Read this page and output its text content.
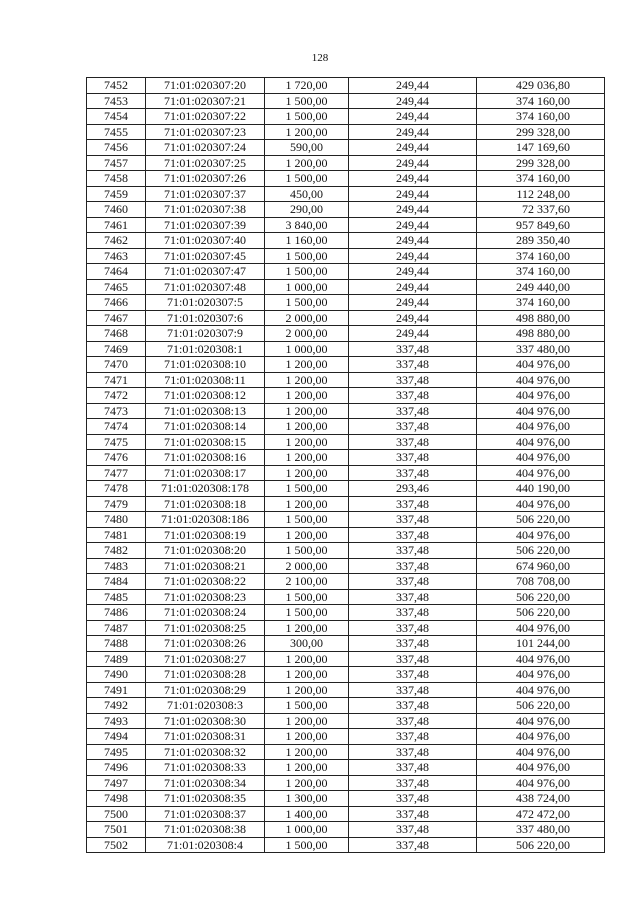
128
7452	71:01:020307:20	1 720,00	249,44	429 036,80
7453	71:01:020307:21	1 500,00	249,44	374 160,00
7454	71:01:020307:22	1 500,00	249,44	374 160,00
7455	71:01:020307:23	1 200,00	249,44	299 328,00
7456	71:01:020307:24	590,00	249,44	147 169,60
7457	71:01:020307:25	1 200,00	249,44	299 328,00
7458	71:01:020307:26	1 500,00	249,44	374 160,00
7459	71:01:020307:37	450,00	249,44	112 248,00
7460	71:01:020307:38	290,00	249,44	72 337,60
7461	71:01:020307:39	3 840,00	249,44	957 849,60
7462	71:01:020307:40	1 160,00	249,44	289 350,40
7463	71:01:020307:45	1 500,00	249,44	374 160,00
7464	71:01:020307:47	1 500,00	249,44	374 160,00
7465	71:01:020307:48	1 000,00	249,44	249 440,00
7466	71:01:020307:5	1 500,00	249,44	374 160,00
7467	71:01:020307:6	2 000,00	249,44	498 880,00
7468	71:01:020307:9	2 000,00	249,44	498 880,00
7469	71:01:020308:1	1 000,00	337,48	337 480,00
7470	71:01:020308:10	1 200,00	337,48	404 976,00
7471	71:01:020308:11	1 200,00	337,48	404 976,00
7472	71:01:020308:12	1 200,00	337,48	404 976,00
7473	71:01:020308:13	1 200,00	337,48	404 976,00
7474	71:01:020308:14	1 200,00	337,48	404 976,00
7475	71:01:020308:15	1 200,00	337,48	404 976,00
7476	71:01:020308:16	1 200,00	337,48	404 976,00
7477	71:01:020308:17	1 200,00	337,48	404 976,00
7478	71:01:020308:178	1 500,00	293,46	440 190,00
7479	71:01:020308:18	1 200,00	337,48	404 976,00
7480	71:01:020308:186	1 500,00	337,48	506 220,00
7481	71:01:020308:19	1 200,00	337,48	404 976,00
7482	71:01:020308:20	1 500,00	337,48	506 220,00
7483	71:01:020308:21	2 000,00	337,48	674 960,00
7484	71:01:020308:22	2 100,00	337,48	708 708,00
7485	71:01:020308:23	1 500,00	337,48	506 220,00
7486	71:01:020308:24	1 500,00	337,48	506 220,00
7487	71:01:020308:25	1 200,00	337,48	404 976,00
7488	71:01:020308:26	300,00	337,48	101 244,00
7489	71:01:020308:27	1 200,00	337,48	404 976,00
7490	71:01:020308:28	1 200,00	337,48	404 976,00
7491	71:01:020308:29	1 200,00	337,48	404 976,00
7492	71:01:020308:3	1 500,00	337,48	506 220,00
7493	71:01:020308:30	1 200,00	337,48	404 976,00
7494	71:01:020308:31	1 200,00	337,48	404 976,00
7495	71:01:020308:32	1 200,00	337,48	404 976,00
7496	71:01:020308:33	1 200,00	337,48	404 976,00
7497	71:01:020308:34	1 200,00	337,48	404 976,00
7498	71:01:020308:35	1 300,00	337,48	438 724,00
7500	71:01:020308:37	1 400,00	337,48	472 472,00
7501	71:01:020308:38	1 000,00	337,48	337 480,00
7502	71:01:020308:4	1 500,00	337,48	506 220,00
